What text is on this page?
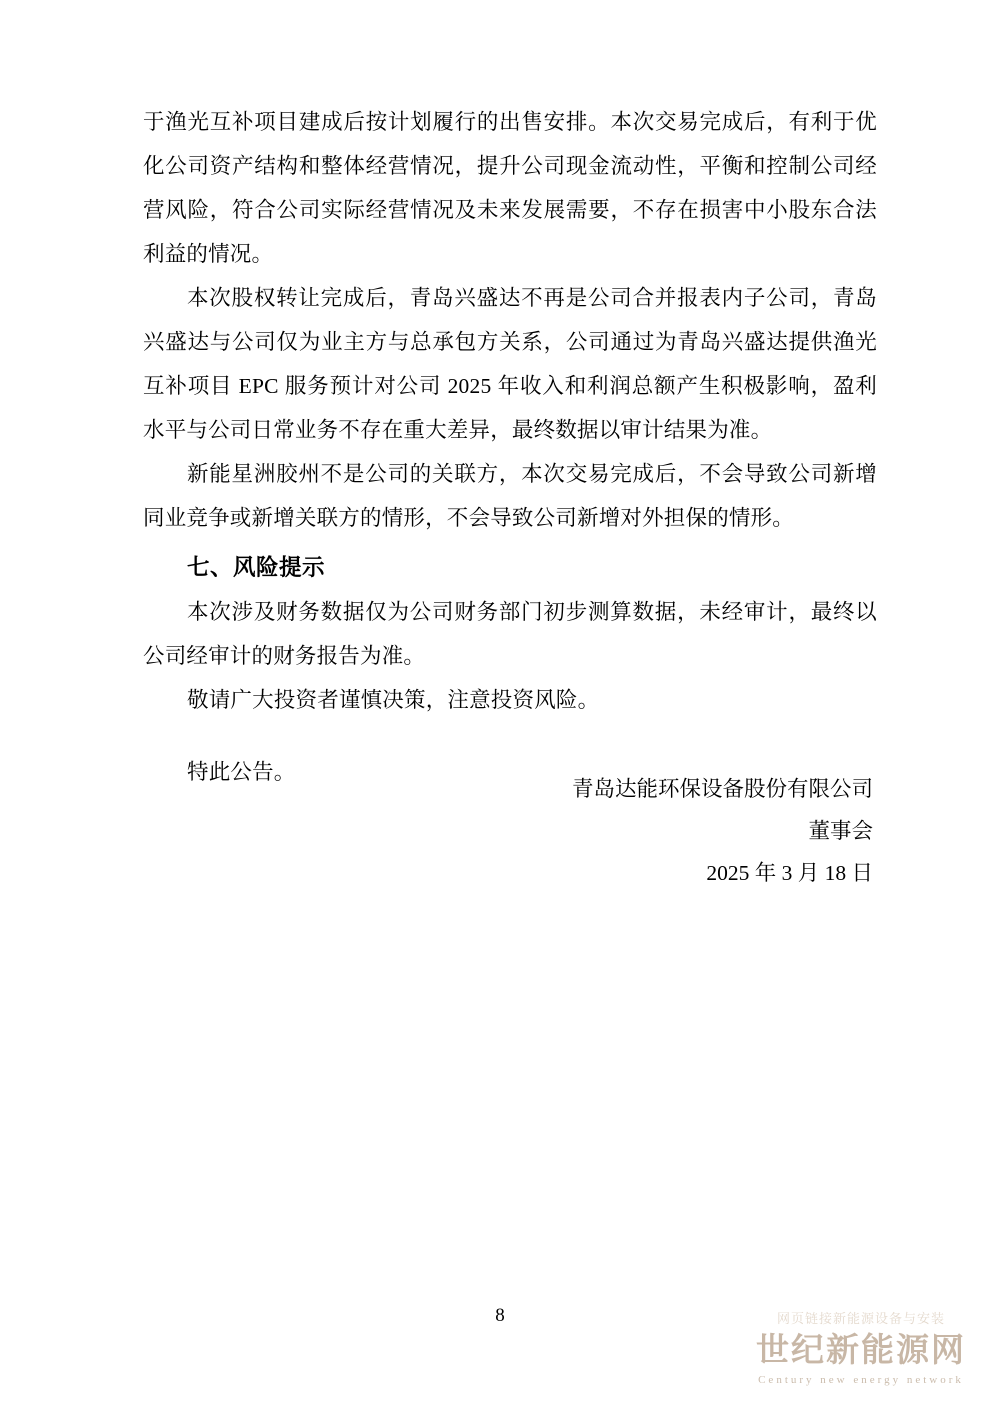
于渔光互补项目建成后按计划履行的出售安排。本次交易完成后，有利于优化公司资产结构和整体经营情况，提升公司现金流动性，平衡和控制公司经营风险，符合公司实际经营情况及未来发展需要，不存在损害中小股东合法利益的情况。

本次股权转让完成后，青岛兴盛达不再是公司合并报表内子公司，青岛兴盛达与公司仅为业主方与总承包方关系，公司通过为青岛兴盛达提供渔光互补项目 EPC 服务预计对公司 2025 年收入和利润总额产生积极影响，盈利水平与公司日常业务不存在重大差异，最终数据以审计结果为准。

新能星洲胶州不是公司的关联方，本次交易完成后，不会导致公司新增同业竞争或新增关联方的情形，不会导致公司新增对外担保的情形。

七、风险提示

本次涉及财务数据仅为公司财务部门初步测算数据，未经审计，最终以公司经审计的财务报告为准。

敬请广大投资者谨慎决策，注意投资风险。

特此公告。

青岛达能环保设备股份有限公司
董事会
2025 年 3 月 18 日
8	网页链接新能源设备与安装
世纪新能源网
Century new energy network
